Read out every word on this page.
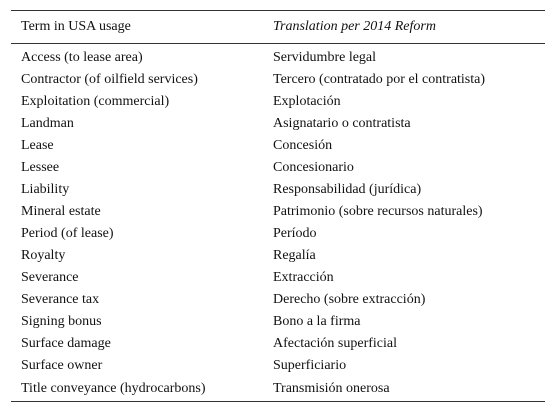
Term in USA usage	Translation per 2014 Reform
Access (to lease area)	Servidumbre legal
Contractor (of oilfield services)	Tercero (contratado por el contratista)
Exploitation (commercial)	Explotación
Landman	Asignatario o contratista
Lease	Concesión
Lessee	Concesionario
Liability	Responsabilidad (jurídica)
Mineral estate	Patrimonio (sobre recursos naturales)
Period (of lease)	Período
Royalty	Regalía
Severance	Extracción
Severance tax	Derecho (sobre extracción)
Signing bonus	Bono a la firma
Surface damage	Afectación superficial
Surface owner	Superficiario
Title conveyance (hydrocarbons)	Transmisión onerosa
